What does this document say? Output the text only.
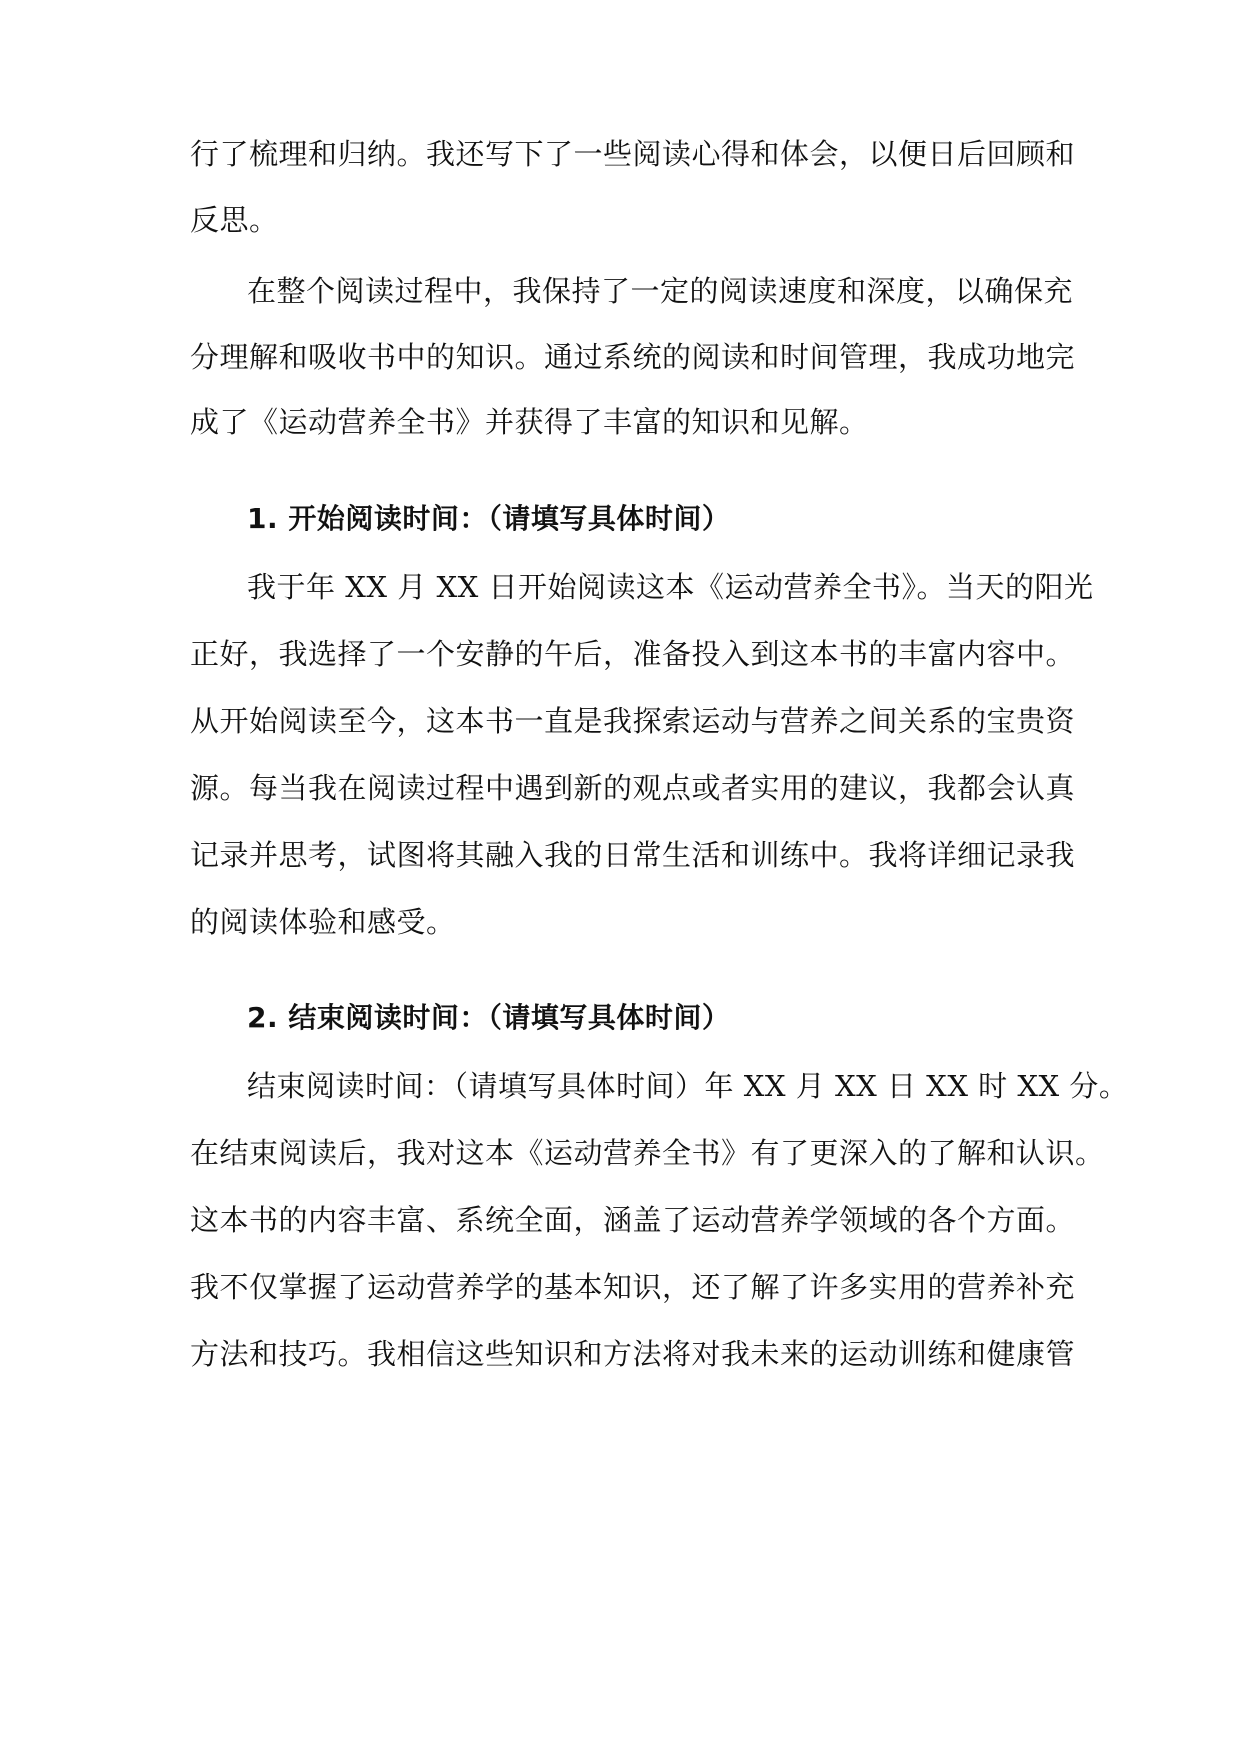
行了梳理和归纳。我还写下了一些阅读心得和体会，以便日后回顾和
反思。
在整个阅读过程中，我保持了一定的阅读速度和深度，以确保充
分理解和吸收书中的知识。通过系统的阅读和时间管理，我成功地完
成了《运动营养全书》并获得了丰富的知识和见解。
1. 开始阅读时间：（请填写具体时间）
我于年 XX 月 XX 日开始阅读这本《运动营养全书》。当天的阳光
正好，我选择了一个安静的午后，准备投入到这本书的丰富内容中。
从开始阅读至今，这本书一直是我探索运动与营养之间关系的宝贵资
源。每当我在阅读过程中遇到新的观点或者实用的建议，我都会认真
记录并思考，试图将其融入我的日常生活和训练中。我将详细记录我
的阅读体验和感受。
2. 结束阅读时间：（请填写具体时间）
结束阅读时间：（请填写具体时间）年 XX 月 XX 日 XX 时 XX 分。
在结束阅读后，我对这本《运动营养全书》有了更深入的了解和认识。
这本书的内容丰富、系统全面，涵盖了运动营养学领域的各个方面。
我不仅掌握了运动营养学的基本知识，还了解了许多实用的营养补充
方法和技巧。我相信这些知识和方法将对我未来的运动训练和健康管
